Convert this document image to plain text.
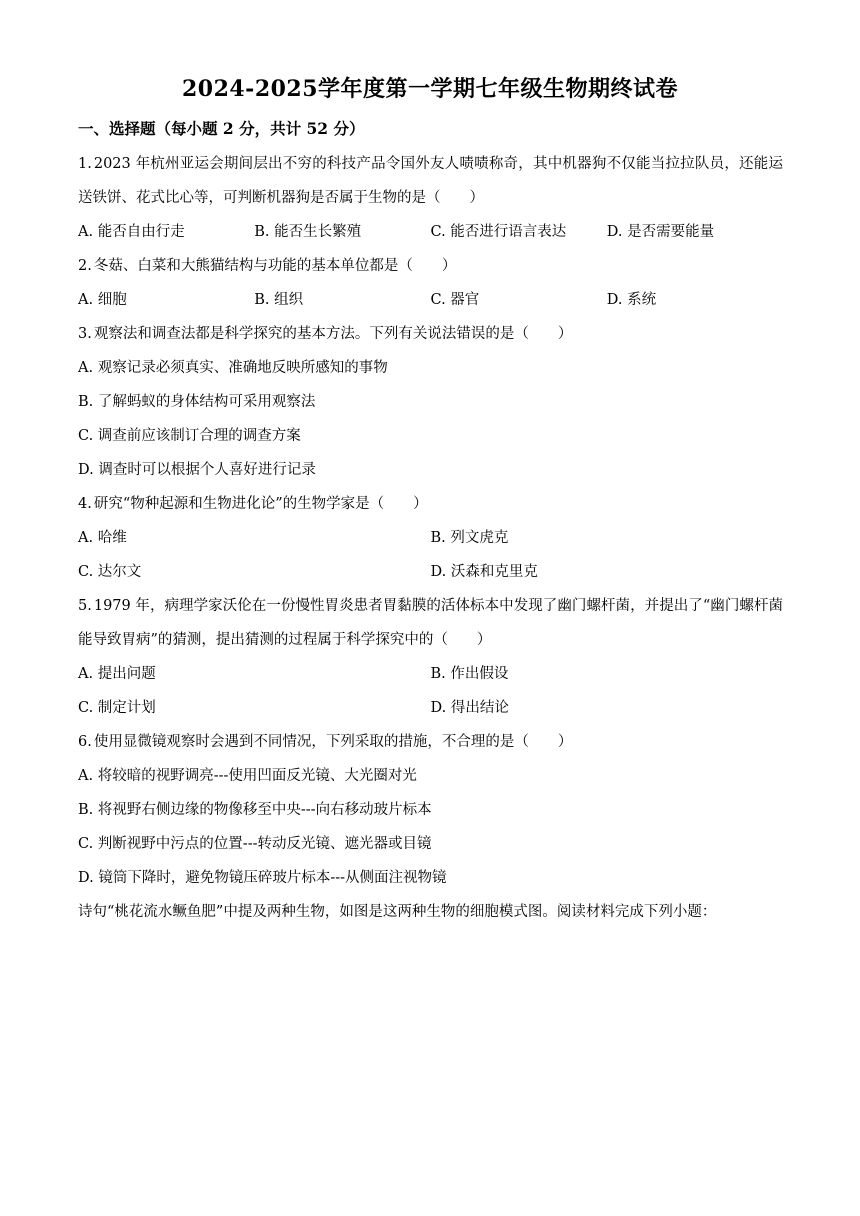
2024-2025学年度第一学期七年级生物期终试卷
一、选择题（每小题 2 分，共计 52 分）

1. 2023 年杭州亚运会期间层出不穷的科技产品令国外友人啧啧称奇，其中机器狗不仅能当拉拉队员，还能运送铁饼、花式比心等，可判断机器狗是否属于生物的是（　　）

A. 能否自由行走	B. 能否生长繁殖	C. 能否进行语言表达	D. 是否需要能量

2. 冬菇、白菜和大熊猫结构与功能的基本单位都是（　　）

A. 细胞	B. 组织	C. 器官	D. 系统

3. 观察法和调查法都是科学探究的基本方法。下列有关说法错误的是（　　）

A. 观察记录必须真实、准确地反映所感知的事物

B. 了解蚂蚁的身体结构可采用观察法

C. 调查前应该制订合理的调查方案

D. 调查时可以根据个人喜好进行记录

4. 研究“物种起源和生物进化论”的生物学家是（　　）

A. 哈维	B. 列文虎克
C. 达尔文	D. 沃森和克里克

5. 1979 年，病理学家沃伦在一份慢性胃炎患者胃黏膜的活体标本中发现了幽门螺杆菌，并提出了“幽门螺杆菌能导致胃病”的猜测，提出猜测的过程属于科学探究中的（　　）

A. 提出问题	B. 作出假设
C. 制定计划	D. 得出结论

6. 使用显微镜观察时会遇到不同情况，下列采取的措施，不合理的是（　　）

A. 将较暗的视野调亮---使用凹面反光镜、大光圈对光

B. 将视野右侧边缘的物像移至中央---向右移动玻片标本

C. 判断视野中污点的位置---转动反光镜、遮光器或目镜

D. 镜筒下降时，避免物镜压碎玻片标本---从侧面注视物镜

诗句“桃花流水鳜鱼肥”中提及两种生物，如图是这两种生物的细胞模式图。阅读材料完成下列小题：
